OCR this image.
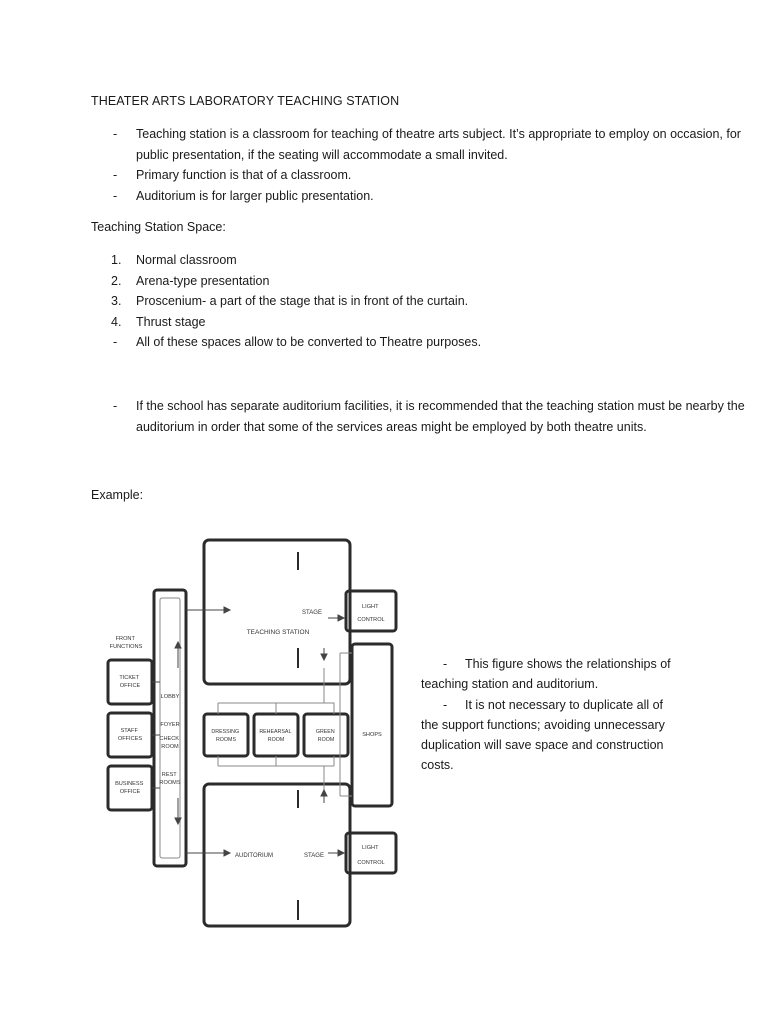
THEATER ARTS LABORATORY TEACHING STATION
- Teaching station is a classroom for teaching of theatre arts subject. It’s appropriate to employ on occasion, for public presentation, if the seating will accommodate a small invited.
- Primary function is that of a classroom.
- Auditorium is for larger public presentation.
Teaching Station Space:
1. Normal classroom
2. Arena-type presentation
3. Proscenium- a part of the stage that is in front of the curtain.
4. Thrust stage
- All of these spaces allow to be converted to Theatre purposes.
- If the school has separate auditorium facilities, it is recommended that the teaching station must be nearby the auditorium in order that some of the services areas might be employed by both theatre units.
Example:
FRONT FUNCTIONS
TICKET OFFICE
STAFF OFFICES
BUSINESS OFFICE
LOBBY
FOYER
CHECK ROOM
REST ROOMS
TEACHING STATION
STAGE
LIGHT CONTROL
DRESSING ROOMS
REHEARSAL ROOM
GREEN ROOM
SHOPS
AUDITORIUM	STAGE
LIGHT CONTROL

- This figure shows the relationships of teaching station and auditorium.

- It is not necessary to duplicate all of the support functions; avoiding unnecessary duplication will save space and construction costs.
